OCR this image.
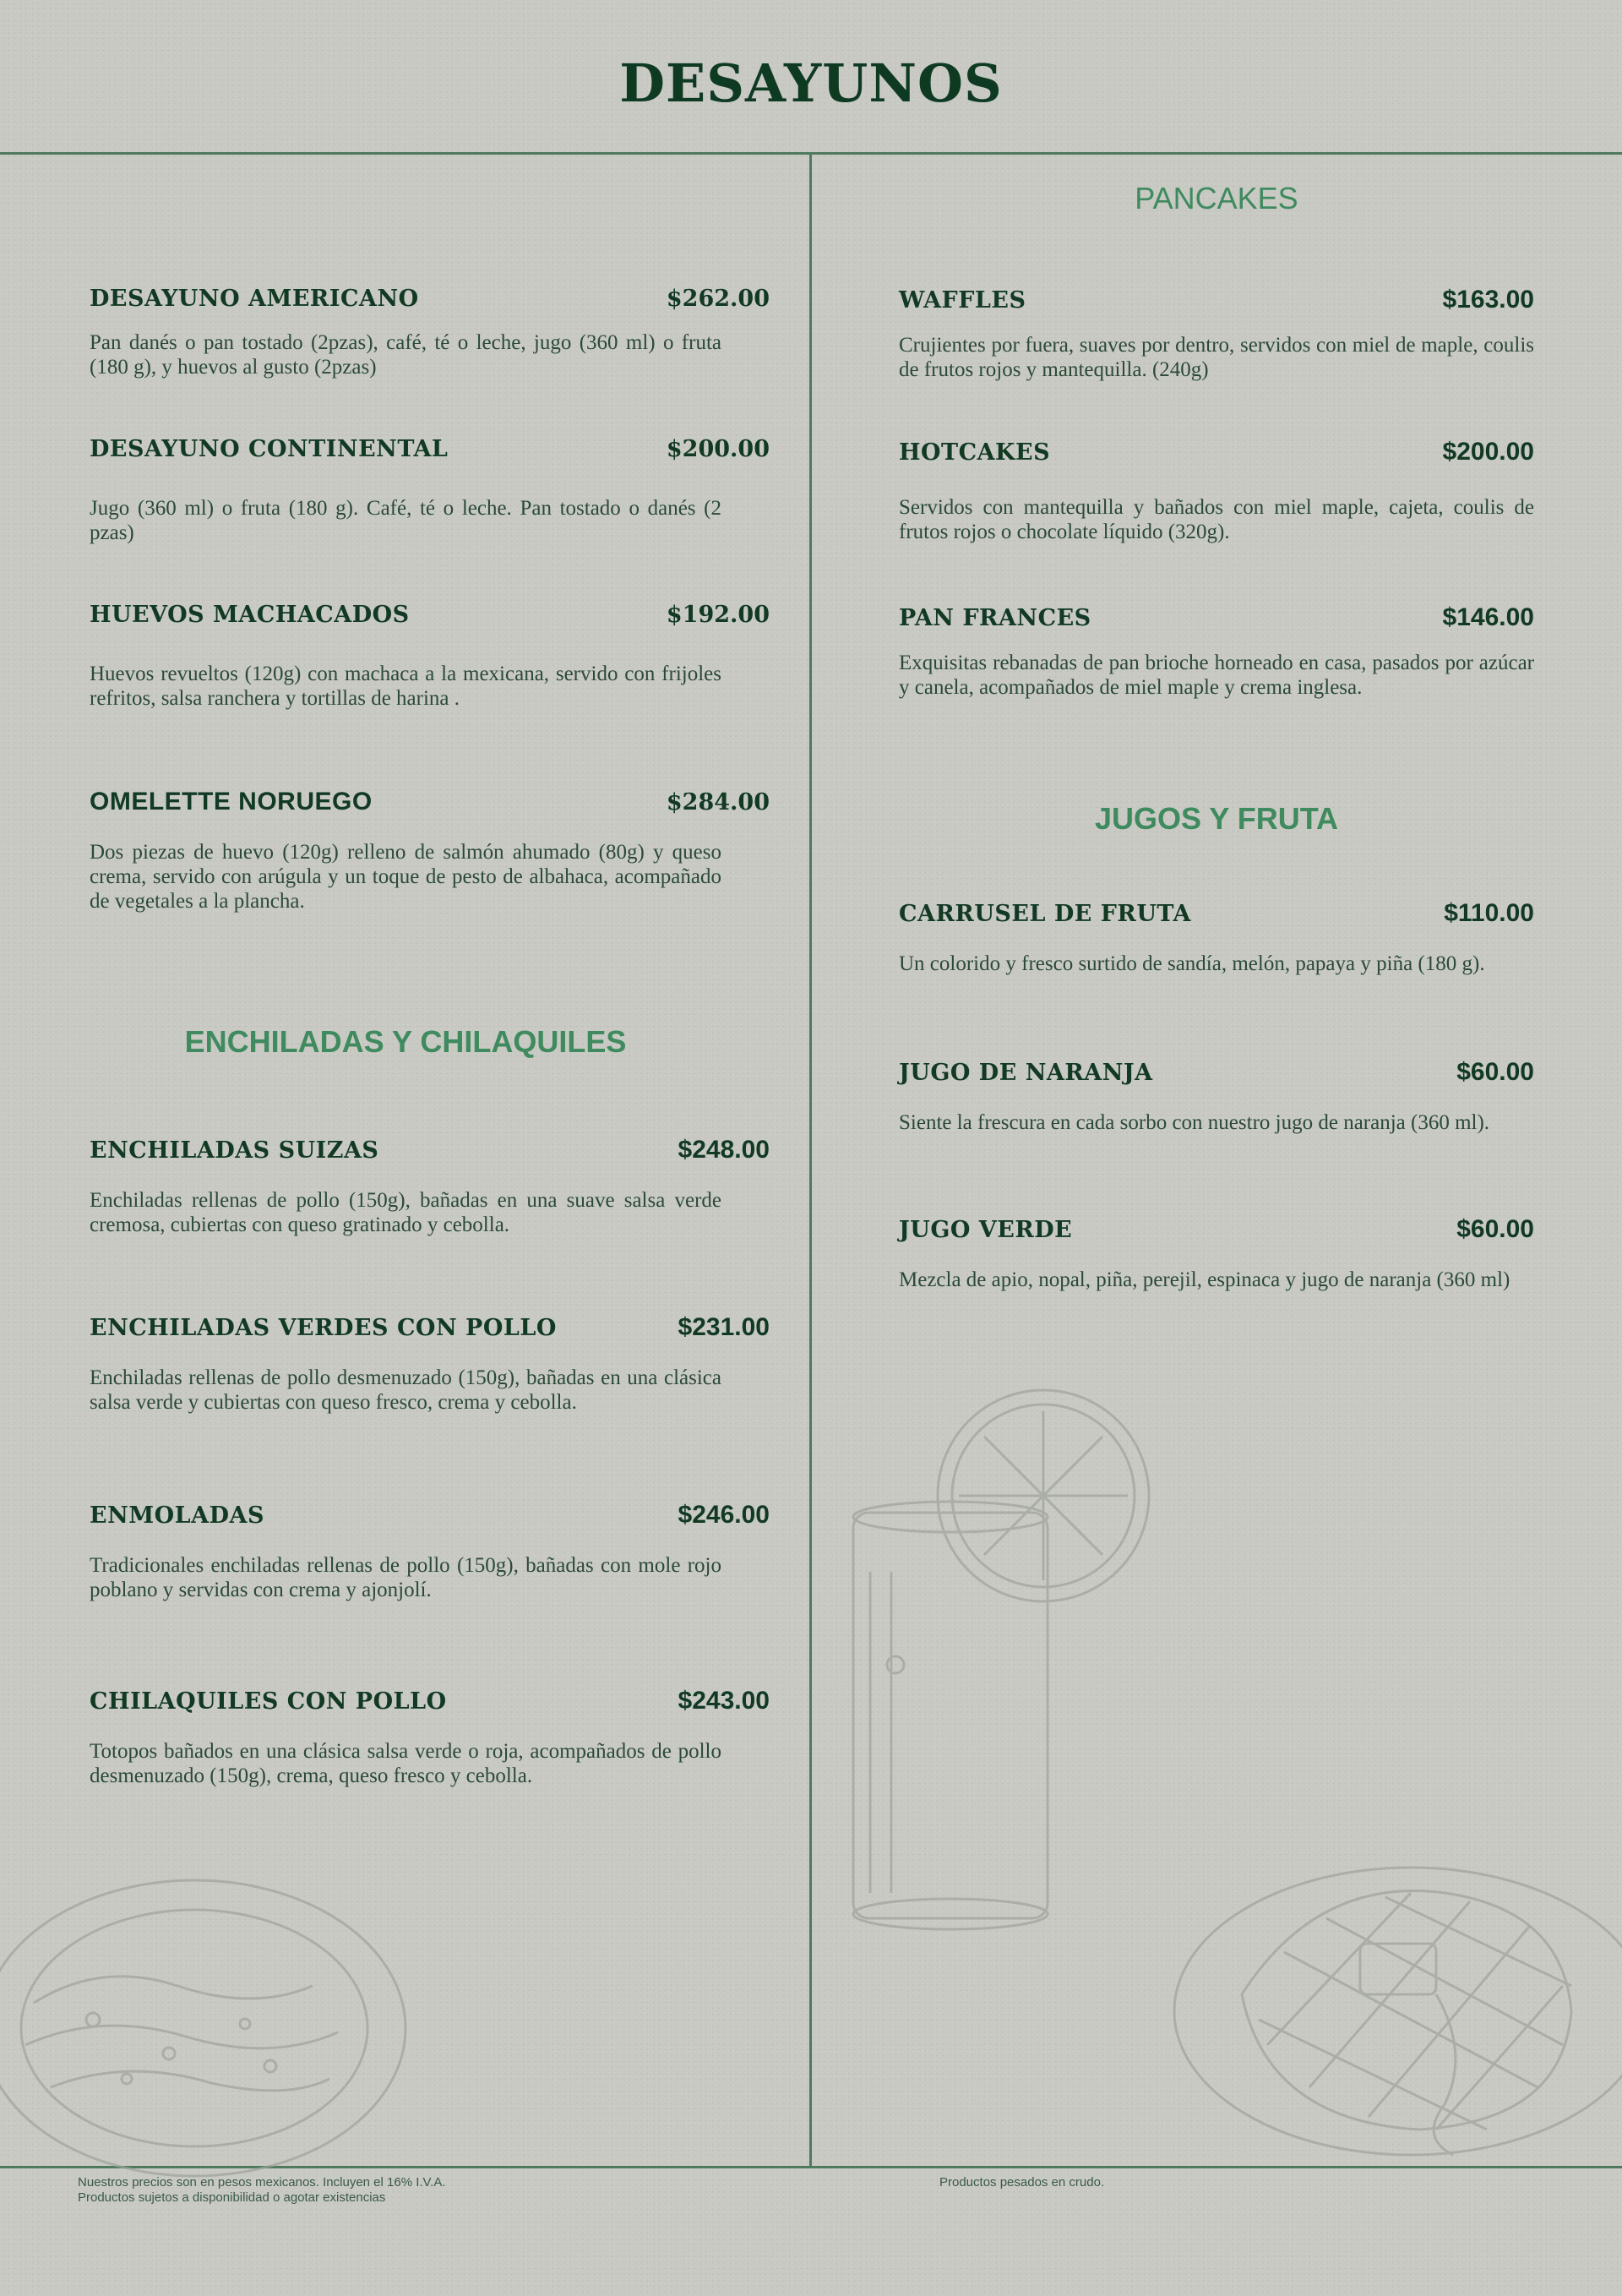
DESAYUNOS
DESAYUNO AMERICANO	$262.00
Pan danés o pan tostado (2pzas), café, té o leche, jugo (360 ml) o fruta (180 g), y huevos al gusto (2pzas)
DESAYUNO CONTINENTAL	$200.00
Jugo (360 ml) o fruta (180 g). Café, té o leche. Pan tostado o danés (2 pzas)
HUEVOS MACHACADOS	$192.00
Huevos revueltos (120g) con machaca a la mexicana, servido con frijoles refritos, salsa ranchera y tortillas de harina .
OMELETTE NORUEGO	$284.00
Dos piezas de huevo (120g) relleno de salmón ahumado (80g) y queso crema, servido con arúgula y un toque de pesto de albahaca, acompañado de vegetales a la plancha.
ENCHILADAS Y CHILAQUILES
ENCHILADAS SUIZAS	$248.00
Enchiladas rellenas de pollo (150g), bañadas en una suave salsa verde cremosa, cubiertas con queso gratinado y cebolla.
ENCHILADAS VERDES CON POLLO	$231.00
Enchiladas rellenas de pollo desmenuzado (150g), bañadas en una clásica salsa verde y cubiertas con queso fresco, crema y cebolla.
ENMOLADAS	$246.00
Tradicionales enchiladas rellenas de pollo (150g), bañadas con mole rojo poblano y servidas con crema y ajonjolí.
CHILAQUILES CON POLLO	$243.00
Totopos bañados en una clásica salsa verde o roja, acompañados de pollo desmenuzado (150g), crema, queso fresco y cebolla.
PANCAKES
WAFFLES	$163.00
Crujientes por fuera, suaves por dentro, servidos con miel de maple, coulis de frutos rojos y mantequilla. (240g)
HOTCAKES	$200.00
Servidos con mantequilla y bañados con miel maple, cajeta, coulis de frutos rojos o chocolate líquido (320g).
PAN FRANCES	$146.00
Exquisitas rebanadas de pan brioche horneado en casa, pasados por azúcar y canela, acompañados de miel maple y crema inglesa.
JUGOS Y FRUTA
CARRUSEL DE FRUTA	$110.00
Un colorido y fresco surtido de sandía, melón, papaya y piña (180 g).
JUGO DE NARANJA	$60.00
Siente la frescura en cada sorbo con nuestro jugo de naranja (360 ml).
JUGO VERDE	$60.00
Mezcla de apio, nopal, piña, perejil, espinaca y jugo de naranja (360 ml)
Nuestros precios son en pesos mexicanos. Incluyen el 16% I.V.A.
Productos sujetos a disponibilidad o agotar existencias
Productos pesados en crudo.
